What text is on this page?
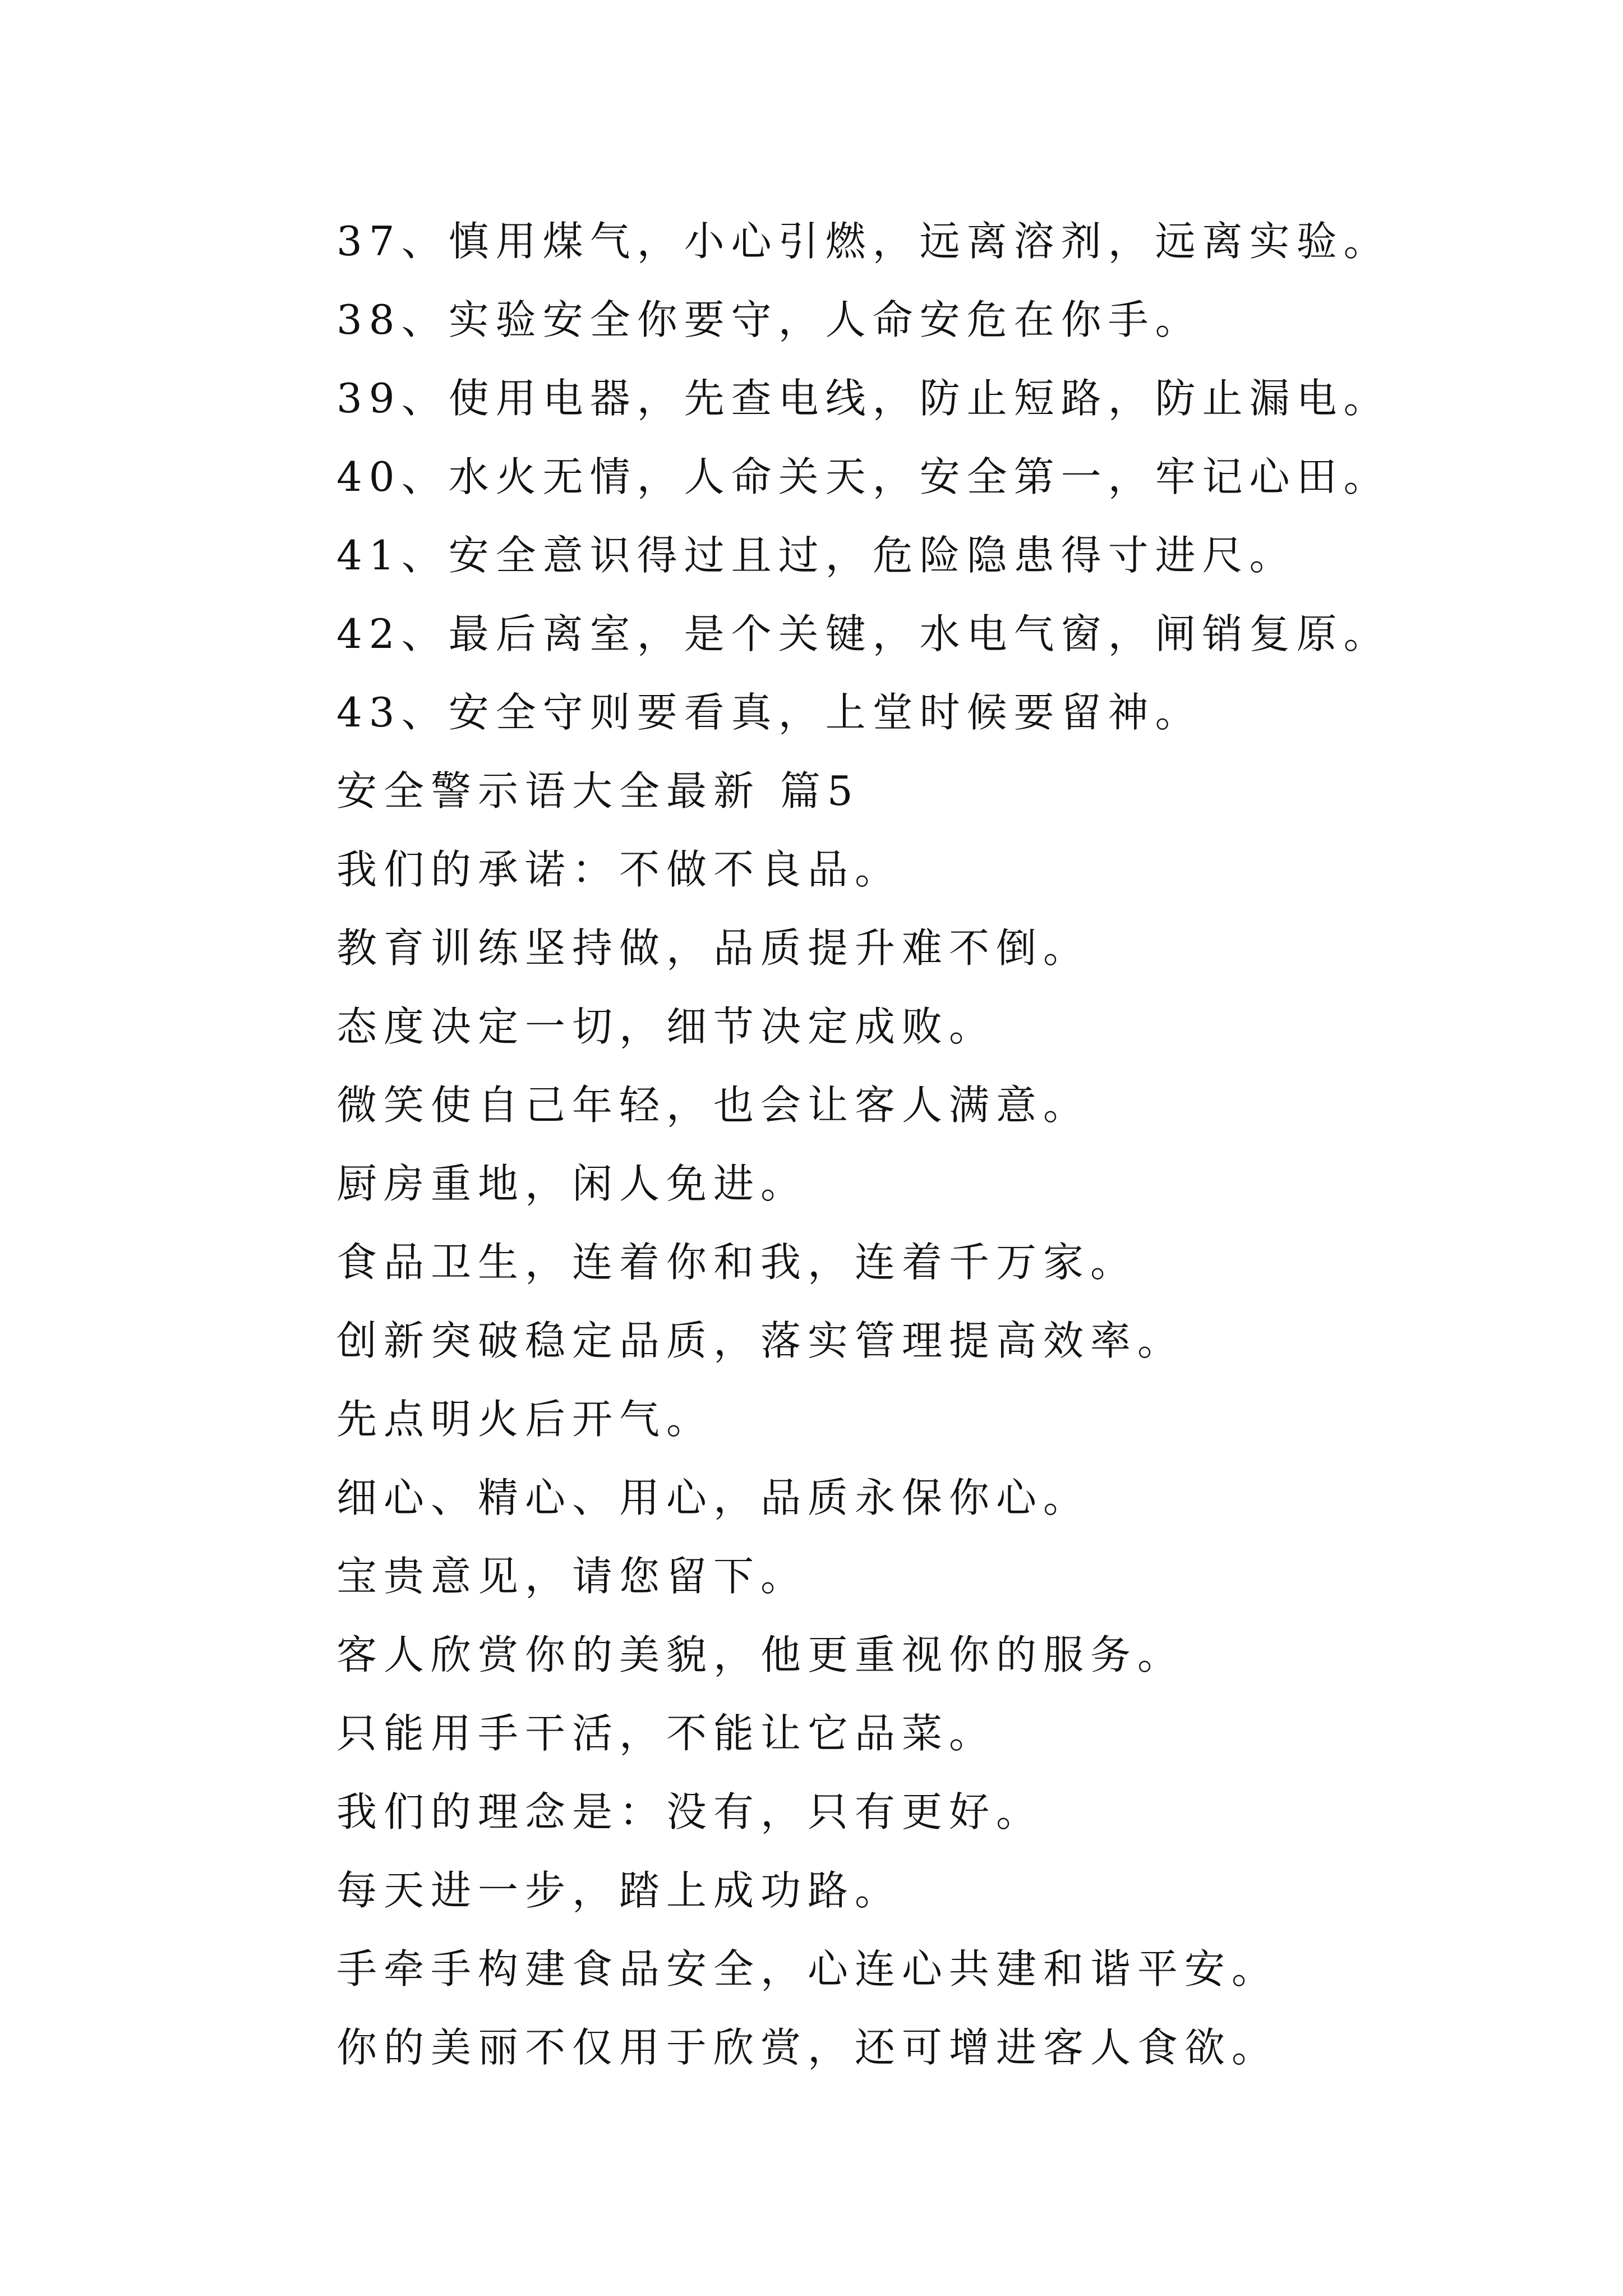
37、慎用煤气，小心引燃，远离溶剂，远离实验。
38、实验安全你要守，人命安危在你手。
39、使用电器，先查电线，防止短路，防止漏电。
40、水火无情，人命关天，安全第一，牢记心田。
41、安全意识得过且过，危险隐患得寸进尺。
42、最后离室，是个关键，水电气窗，闸销复原。
43、安全守则要看真，上堂时候要留神。
安全警示语大全最新 篇5
我们的承诺：不做不良品。
教育训练坚持做，品质提升难不倒。
态度决定一切，细节决定成败。
微笑使自己年轻，也会让客人满意。
厨房重地，闲人免进。
食品卫生，连着你和我，连着千万家。
创新突破稳定品质，落实管理提高效率。
先点明火后开气。
细心、精心、用心，品质永保你心。
宝贵意见，请您留下。
客人欣赏你的美貌，他更重视你的服务。
只能用手干活，不能让它品菜。
我们的理念是：没有，只有更好。
每天进一步，踏上成功路。
手牵手构建食品安全，心连心共建和谐平安。
你的美丽不仅用于欣赏，还可增进客人食欲。
